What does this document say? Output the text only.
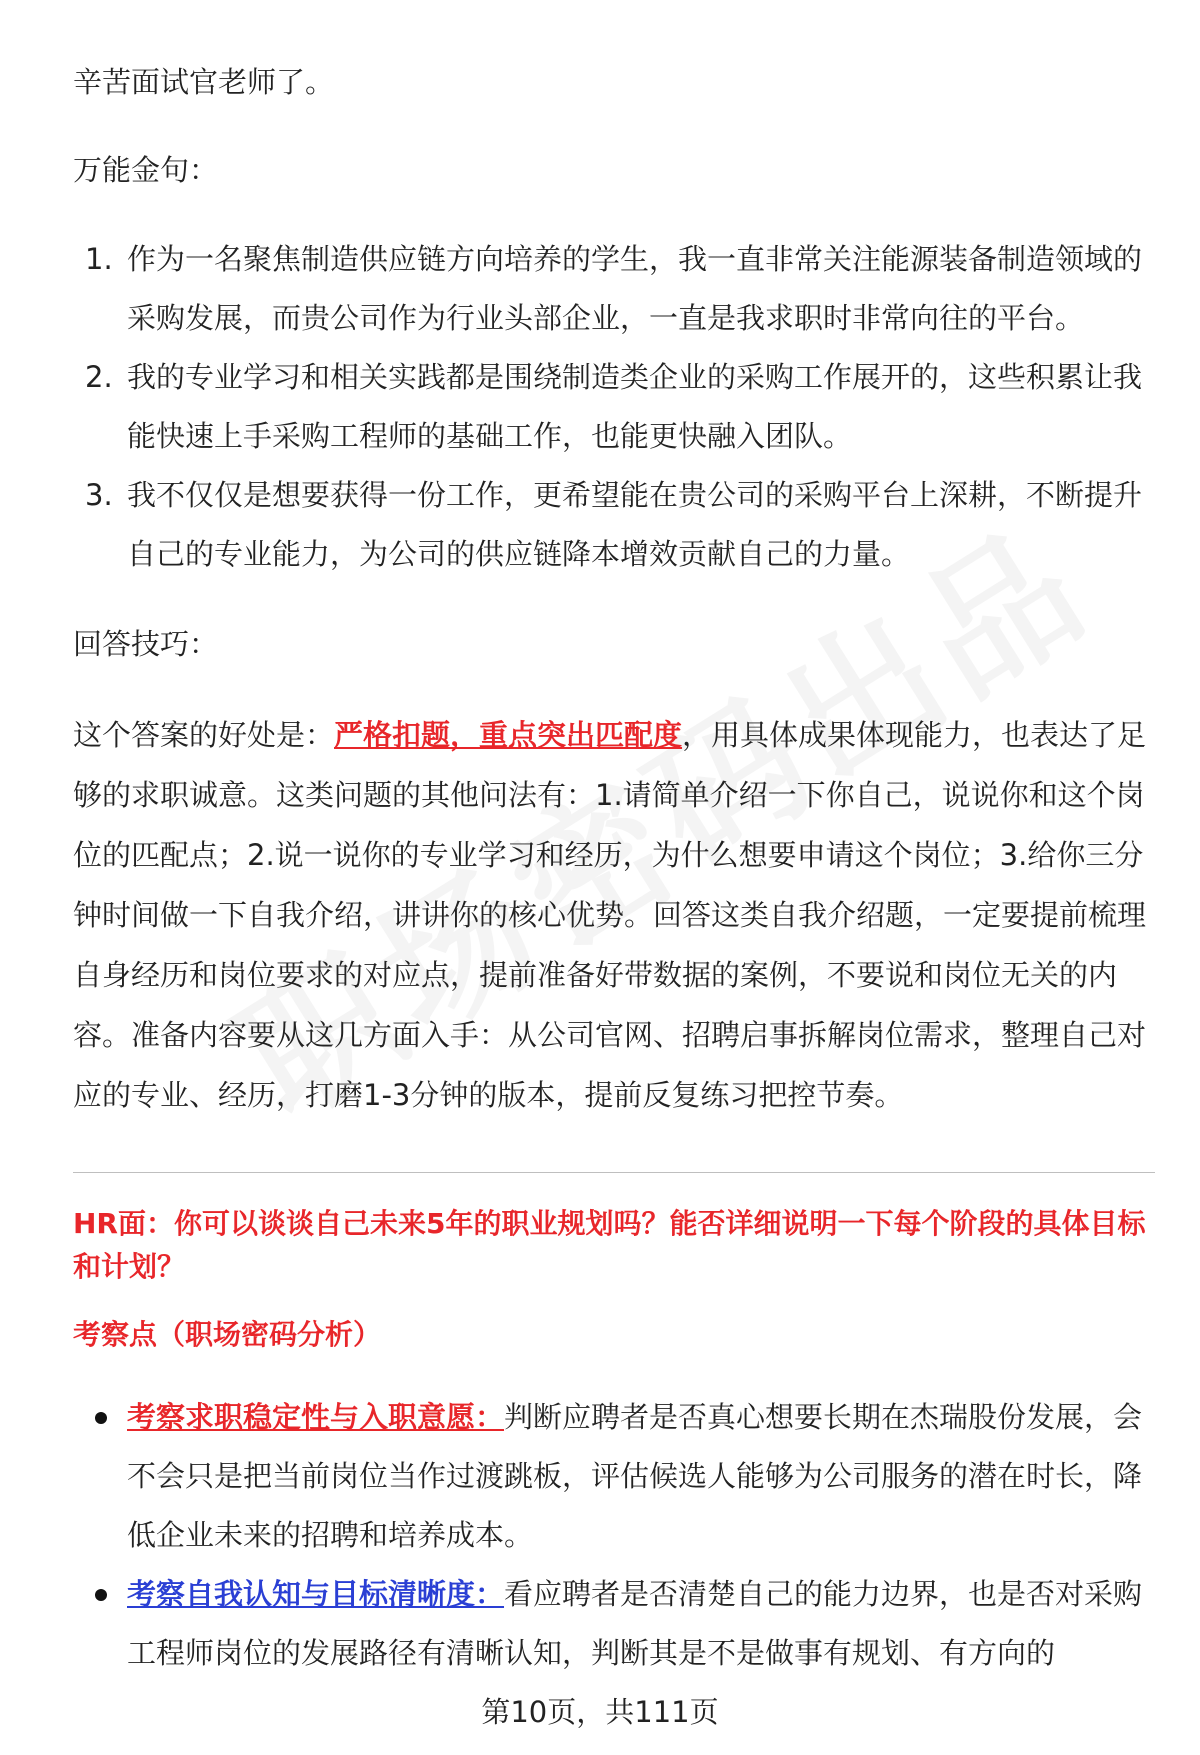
辛苦面试官老师了。

万能金句：

1. 作为一名聚焦制造供应链方向培养的学生，我一直非常关注能源装备制造领域的采购发展，而贵公司作为行业头部企业，一直是我求职时非常向往的平台。
2. 我的专业学习和相关实践都是围绕制造类企业的采购工作展开的，这些积累让我能快速上手采购工程师的基础工作，也能更快融入团队。
3. 我不仅仅是想要获得一份工作，更希望能在贵公司的采购平台上深耕，不断提升自己的专业能力，为公司的供应链降本增效贡献自己的力量。

回答技巧：

这个答案的好处是：严格扣题，重点突出匹配度，用具体成果体现能力，也表达了足够的求职诚意。这类问题的其他问法有：1.请简单介绍一下你自己，说说你和这个岗位的匹配点；2.说一说你的专业学习和经历，为什么想要申请这个岗位；3.给你三分钟时间做一下自我介绍，讲讲你的核心优势。回答这类自我介绍题，一定要提前梳理自身经历和岗位要求的对应点，提前准备好带数据的案例，不要说和岗位无关的内容。准备内容要从这几方面入手：从公司官网、招聘启事拆解岗位需求，整理自己对应的专业、经历，打磨1-3分钟的版本，提前反复练习把控节奏。

HR面：你可以谈谈自己未来5年的职业规划吗？能否详细说明一下每个阶段的具体目标和计划？

考察点（职场密码分析）

考察求职稳定性与入职意愿：判断应聘者是否真心想要长期在杰瑞股份发展，会不会只是把当前岗位当作过渡跳板，评估候选人能够为公司服务的潜在时长，降低企业未来的招聘和培养成本。
考察自我认知与目标清晰度：看应聘者是否清楚自己的能力边界，也是否对采购工程师岗位的发展路径有清晰认知，判断其是不是做事有规划、有方向的
第10页，共111页
